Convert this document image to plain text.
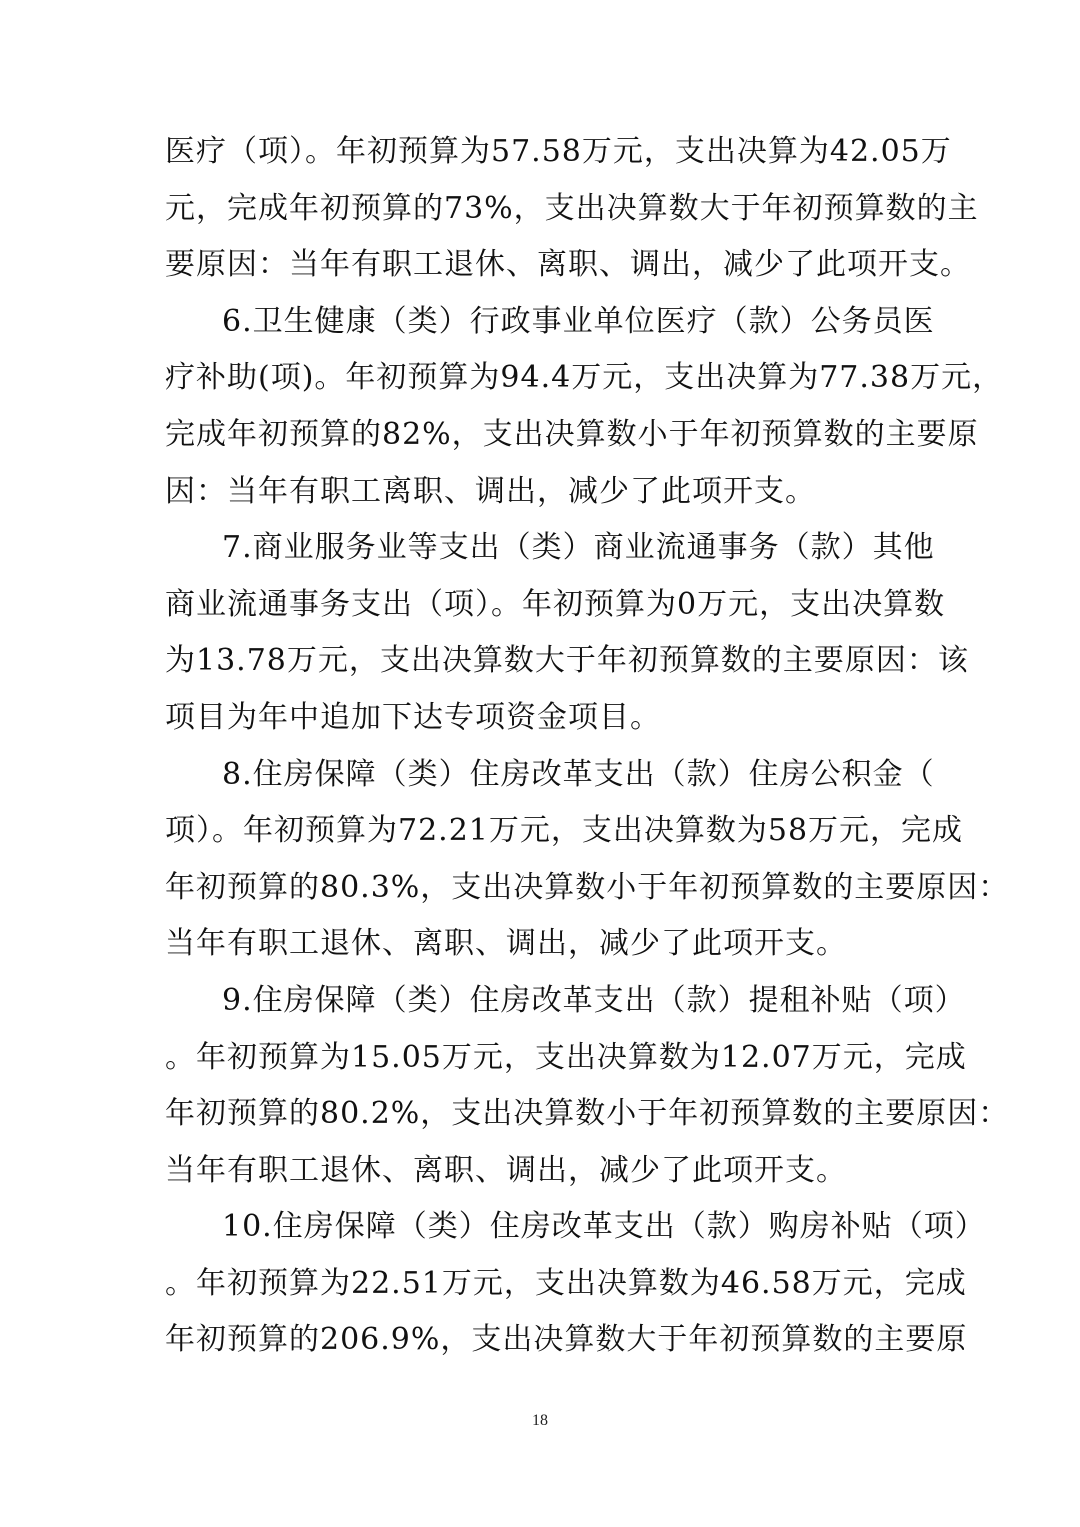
医疗（项）。年初预算为57.58万元，支出决算为42.05万
元，完成年初预算的73%，支出决算数大于年初预算数的主
要原因：当年有职工退休、离职、调出，减少了此项开支。
6.卫生健康（类）行政事业单位医疗（款）公务员医
疗补助(项)。年初预算为94.4万元，支出决算为77.38万元，
完成年初预算的82%，支出决算数小于年初预算数的主要原
因：当年有职工离职、调出，减少了此项开支。
7.商业服务业等支出（类）商业流通事务（款）其他
商业流通事务支出（项）。年初预算为0万元，支出决算数
为13.78万元，支出决算数大于年初预算数的主要原因：该
项目为年中追加下达专项资金项目。
8.住房保障（类）住房改革支出（款）住房公积金（
项）。年初预算为72.21万元，支出决算数为58万元，完成
年初预算的80.3%，支出决算数小于年初预算数的主要原因：
当年有职工退休、离职、调出，减少了此项开支。
9.住房保障（类）住房改革支出（款）提租补贴（项）
。年初预算为15.05万元，支出决算数为12.07万元，完成
年初预算的80.2%，支出决算数小于年初预算数的主要原因：
当年有职工退休、离职、调出，减少了此项开支。
10.住房保障（类）住房改革支出（款）购房补贴（项）
。年初预算为22.51万元，支出决算数为46.58万元，完成
年初预算的206.9%，支出决算数大于年初预算数的主要原
18
